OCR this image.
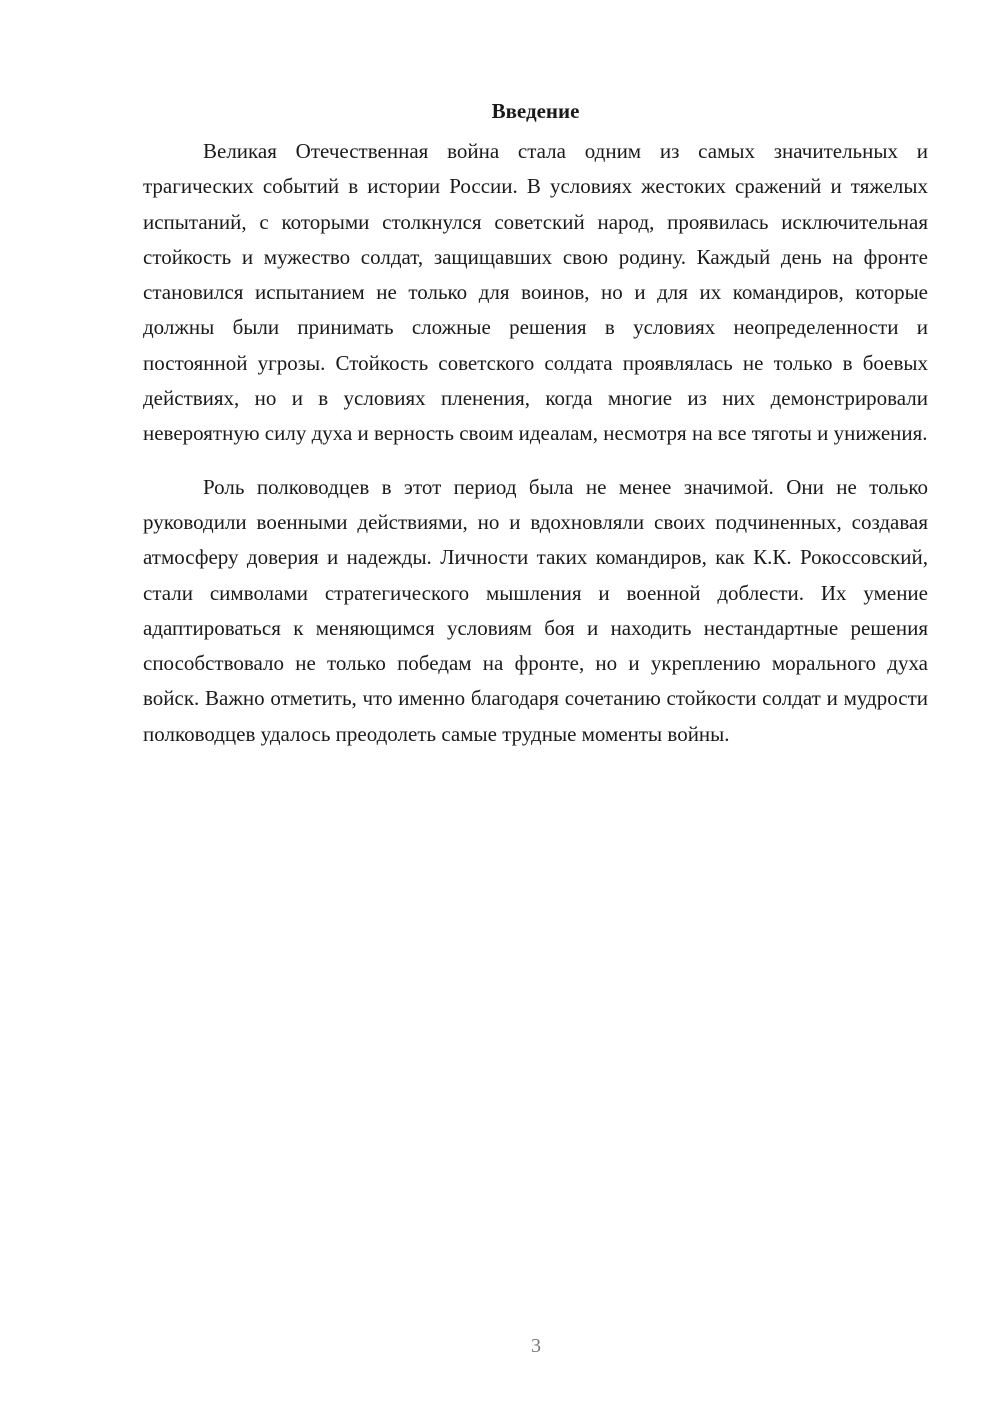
Введение

Великая Отечественная война стала одним из самых значительных и трагических событий в истории России. В условиях жестоких сражений и тяжелых испытаний, с которыми столкнулся советский народ, проявилась исключительная стойкость и мужество солдат, защищавших свою родину. Каждый день на фронте становился испытанием не только для воинов, но и для их командиров, которые должны были принимать сложные решения в условиях неопределенности и постоянной угрозы. Стойкость советского солдата проявлялась не только в боевых действиях, но и в условиях пленения, когда многие из них демонстрировали невероятную силу духа и верность своим идеалам, несмотря на все тяготы и унижения.

Роль полководцев в этот период была не менее значимой. Они не только руководили военными действиями, но и вдохновляли своих подчиненных, создавая атмосферу доверия и надежды. Личности таких командиров, как К.К. Рокоссовский, стали символами стратегического мышления и военной доблести. Их умение адаптироваться к меняющимся условиям боя и находить нестандартные решения способствовало не только победам на фронте, но и укреплению морального духа войск. Важно отметить, что именно благодаря сочетанию стойкости солдат и мудрости полководцев удалось преодолеть самые трудные моменты войны.

3
